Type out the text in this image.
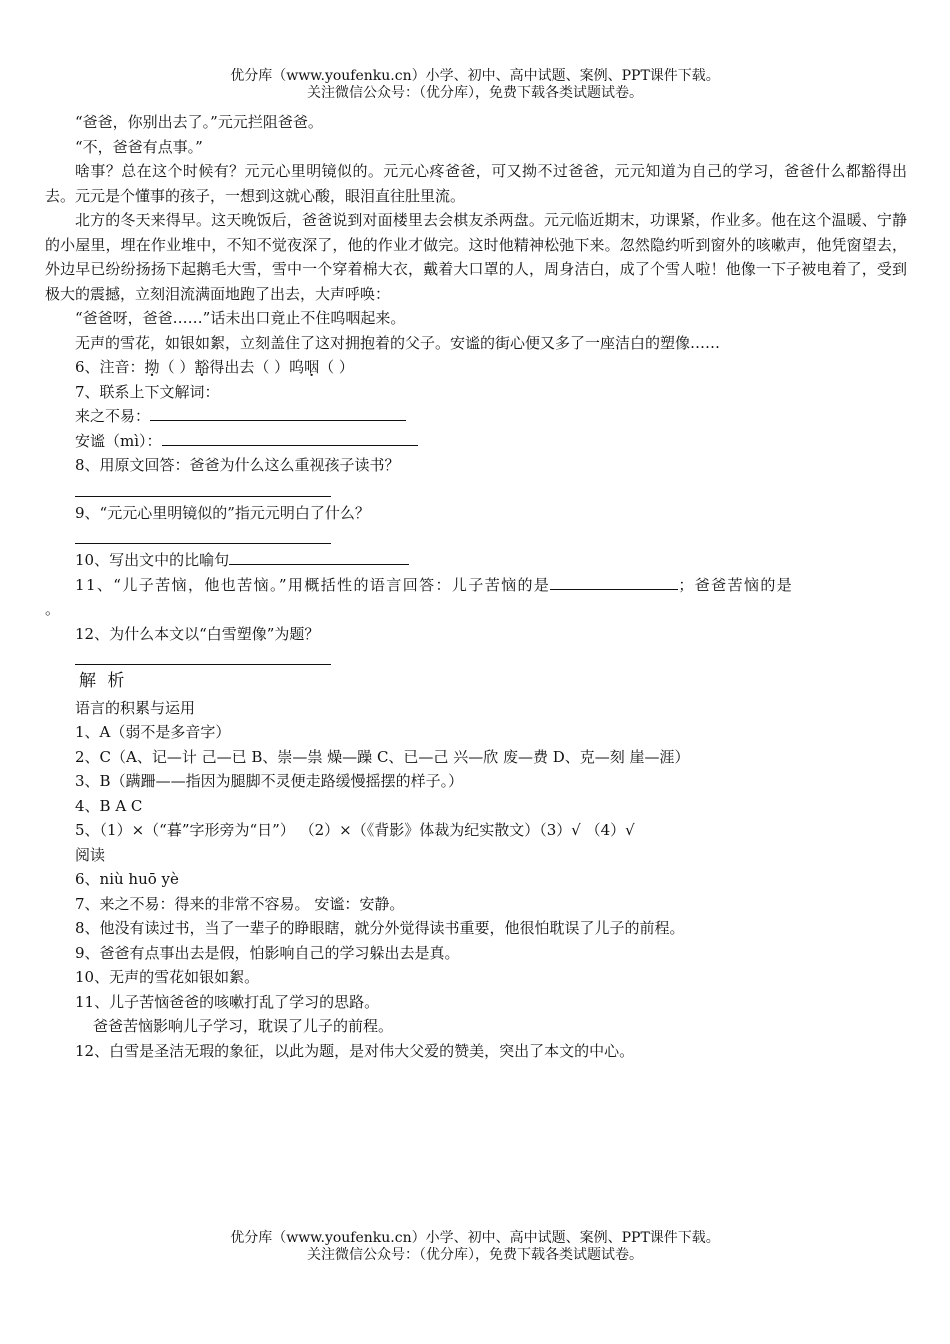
优分库（www.youfenku.cn）小学、初中、高中试题、案例、PPT课件下载。
关注微信公众号：（优分库），免费下载各类试题试卷。

“爸爸，你别出去了。”元元拦阻爸爸。

“不，爸爸有点事。”

啥事？总在这个时候有？元元心里明镜似的。元元心疼爸爸，可又拗不过爸爸，元元知道为自己的学习，爸爸什么都豁得出去。元元是个懂事的孩子，一想到这就心酸，眼泪直往肚里流。

北方的冬天来得早。这天晚饭后，爸爸说到对面楼里去会棋友杀两盘。元元临近期末，功课紧，作业多。他在这个温暖、宁静的小屋里，埋在作业堆中，不知不觉夜深了，他的作业才做完。这时他精神松弛下来。忽然隐约听到窗外的咳嗽声，他凭窗望去，外边早已纷纷扬扬下起鹅毛大雪，雪中一个穿着棉大衣，戴着大口罩的人，周身洁白，成了个雪人啦！他像一下子被电着了，受到极大的震撼，立刻泪流满面地跑了出去，大声呼唤：

“爸爸呀，爸爸……”话未出口竟止不住呜咽起来。

无声的雪花，如银如絮，立刻盖住了这对拥抱着的父子。安谧的街心便又多了一座洁白的塑像……

6、注音：拗（ ）豁得出去（ ）呜咽（ ）

7、联系上下文解词：

来之不易：

安谧（mì）：

8、用原文回答：爸爸为什么这么重视孩子读书？

9、“元元心里明镜似的”指元元明白了什么？

10、写出文中的比喻句

11、“儿子苦恼，他也苦恼。”用概括性的语言回答：儿子苦恼的是	；爸爸苦恼的是

。

12、为什么本文以“白雪塑像”为题？

解 析

语言的积累与运用

1、A（弱不是多音字）

2、C（A、记—计 己—已 B、崇—祟 燥—躁 C、已—己 兴—欣 废—费 D、克—刻 崖—涯）

3、B（蹒跚——指因为腿脚不灵便走路缓慢摇摆的样子。）

4、B A C

5、（1）×（“暮”字形旁为“日”） （2）×（《背影》体裁为纪实散文）（3）√ （4）√

阅读

6、niù huō yè

7、来之不易：得来的非常不容易。 安谧：安静。

8、他没有读过书，当了一辈子的睁眼瞎，就分外觉得读书重要，他很怕耽误了儿子的前程。

9、爸爸有点事出去是假，怕影响自己的学习躲出去是真。

10、无声的雪花如银如絮。

11、儿子苦恼爸爸的咳嗽打乱了学习的思路。

爸爸苦恼影响儿子学习，耽误了儿子的前程。

12、白雪是圣洁无瑕的象征，以此为题，是对伟大父爱的赞美，突出了本文的中心。

优分库（www.youfenku.cn）小学、初中、高中试题、案例、PPT课件下载。
关注微信公众号：（优分库），免费下载各类试题试卷。
